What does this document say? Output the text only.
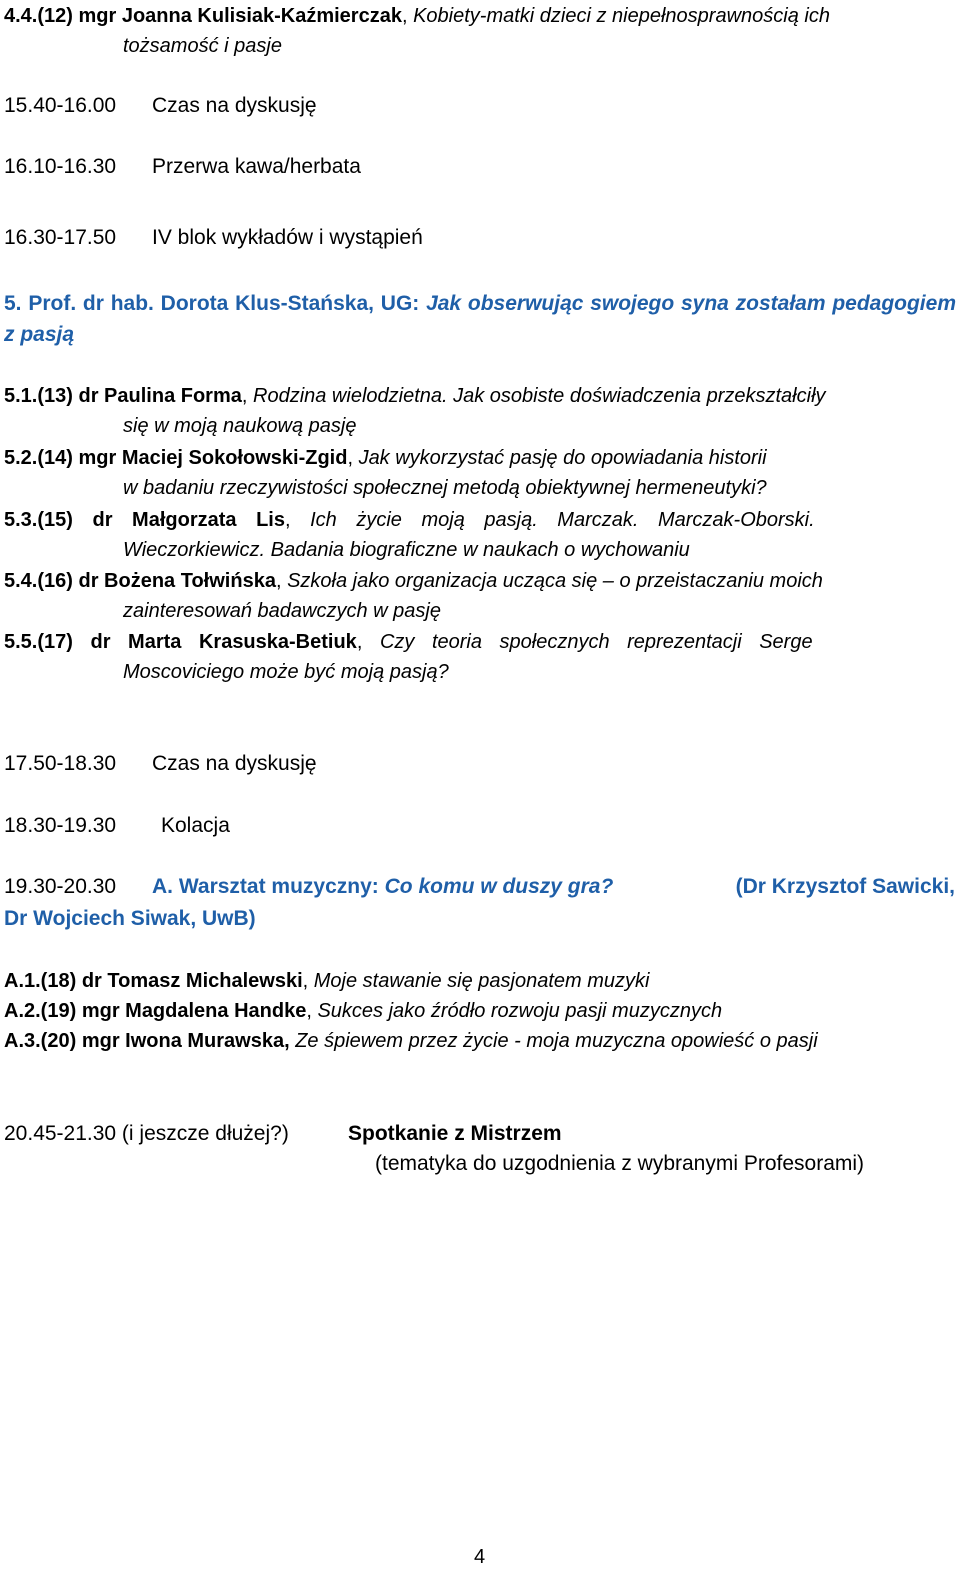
4.4.(12) mgr Joanna Kulisiak-Kaźmierczak, Kobiety-matki dzieci z niepełnosprawnością ich
tożsamość i pasje
15.40-16.00 Czas na dyskusję
16.10-16.30 Przerwa kawa/herbata
16.30-17.50 IV blok wykładów i wystąpień
5. Prof. dr hab. Dorota Klus-Stańska, UG: Jak obserwując swojego syna zostałam pedagogiem z pasją
5.1.(13) dr Paulina Forma, Rodzina wielodzietna. Jak osobiste doświadczenia przekształciły
się w moją naukową pasję
5.2.(14) mgr Maciej Sokołowski-Zgid, Jak wykorzystać pasję do opowiadania historii
w badaniu rzeczywistości społecznej metodą obiektywnej hermeneutyki?
5.3.(15) dr Małgorzata Lis, Ich życie moją pasją. Marczak. Marczak-Oborski.
Wieczorkiewicz. Badania biograficzne w naukach o wychowaniu
5.4.(16) dr Bożena Tołwińska, Szkoła jako organizacja ucząca się – o przeistaczaniu moich
zainteresowań badawczych w pasję
5.5.(17) dr Marta Krasuska-Betiuk, Czy teoria społecznych reprezentacji Serge
Moscoviciego może być moją pasją?
17.50-18.30 Czas na dyskusję
18.30-19.30 Kolacja
19.30-20.30 A. Warsztat muzyczny: Co komu w duszy gra?	(Dr Krzysztof Sawicki,
Dr Wojciech Siwak, UwB)
A.1.(18) dr Tomasz Michalewski, Moje stawanie się pasjonatem muzyki
A.2.(19) mgr Magdalena Handke, Sukces jako źródło rozwoju pasji muzycznych
A.3.(20) mgr Iwona Murawska, Ze śpiewem przez życie - moja muzyczna opowieść o pasji
20.45-21.30 (i jeszcze dłużej?)	Spotkanie z Mistrzem
(tematyka do uzgodnienia z wybranymi Profesorami)
4
